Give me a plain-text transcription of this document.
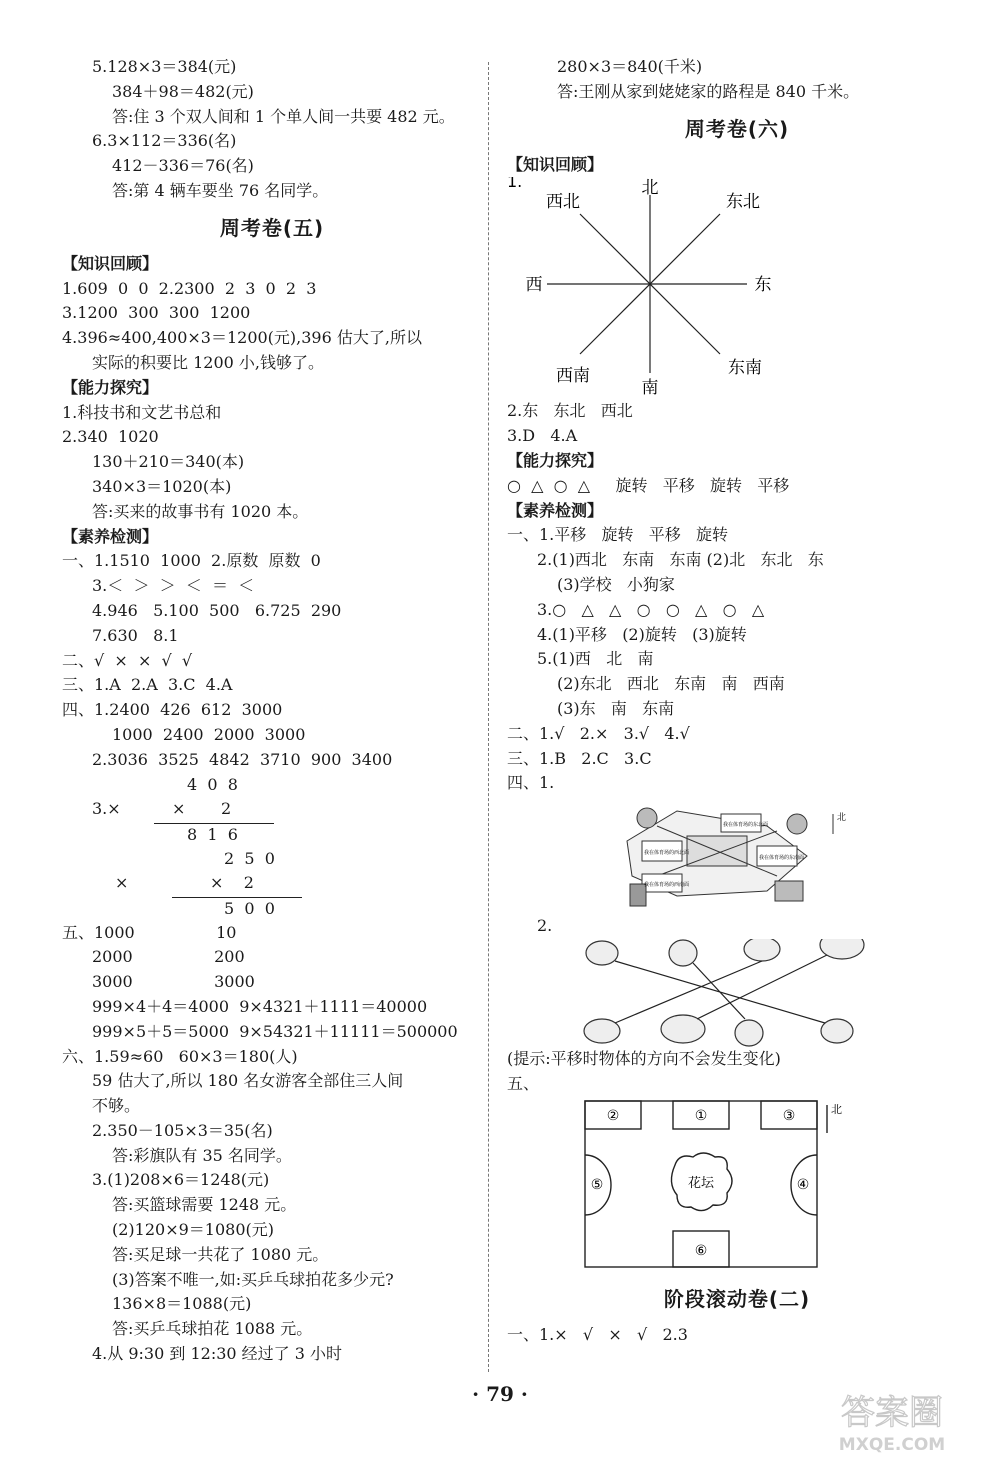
5.128×3＝384(元)
384＋98＝482(元)
答:住 3 个双人间和 1 个单人间一共要 482 元。
6.3×112＝336(名)
412－336＝76(名)
答:第 4 辆车要坐 76 名同学。
周考卷(五)
【知识回顾】
1.609  0  0  2.2300  2  3  0  2  3
3.1200  300  300  1200
4.396≈400,400×3＝1200(元),396 估大了,所以
实际的积要比 1200 小,钱够了。
【能力探究】
1.科技书和文艺书总和
2.340  1020
130＋210＝340(本)
340×3＝1020(本)
答:买来的故事书有 1020 本。
【素养检测】
一、1.1510  1000  2.原数  原数  0
3.＜  ＞  ＞  ＜  ＝  ＜
4.946   5.100  500   6.725  290
7.630   8.1
二、√  ×  ×  √  √
三、1.A  2.A  3.C  4.A
四、1.2400  426  612  3000
1000  2400  2000  3000
2.3036  3525  4842  3710  900  3400
4  0  8
3.×	×       2
8  1  6
2  5  0
×	×    2
5  0  0
五、1000                10
2000                200
3000                3000
999×4＋4＝4000  9×4321＋1111＝40000
999×5＋5＝5000  9×54321＋11111＝500000
六、1.59≈60   60×3＝180(人)
59 估大了,所以 180 名女游客全部住三人间
不够。
2.350－105×3＝35(名)
答:彩旗队有 35 名同学。
3.(1)208×6＝1248(元)
答:买篮球需要 1248 元。
(2)120×9＝1080(元)
答:买足球一共花了 1080 元。
(3)答案不唯一,如:买乒乓球拍花多少元?
136×8＝1088(元)
答:买乒乓球拍花 1088 元。
4.从 9:30 到 12:30 经过了 3 小时
280×3＝840(千米)
答:王刚从家到姥姥家的路程是 840 千米。
周考卷(六)
【知识回顾】
1.	北
东北
东
东南
南
西南
西
西北
2.东   东北   西北
3.D   4.A
【能力探究】
○  △  ○  △     旋转   平移   旋转   平移
【素养检测】
一、1.平移   旋转   平移   旋转
2.(1)西北   东南   东南 (2)北   东北   东
(3)学校   小狗家
3.○   △   △   ○   ○   △   ○   △
4.(1)平移   (2)旋转   (3)旋转
5.(1)西   北   南
(2)东北   西北   东南   南   西南
(3)东   南   东南
二、1.√   2.×   3.√   4.√
三、1.B   2.C   3.C
四、1.
我在体育场的东北面
我在体育场的西北面
我在体育场的东南面
我在体育场的西南面
北
2.
(提示:平移时物体的方向不会发生变化)
五、
②	①	③
⑤	④
⑥
花坛
北
阶段滚动卷(二)
一、1.×   √   ×   √   2.3
· 79 ·	答案圈
MXQE.COM
